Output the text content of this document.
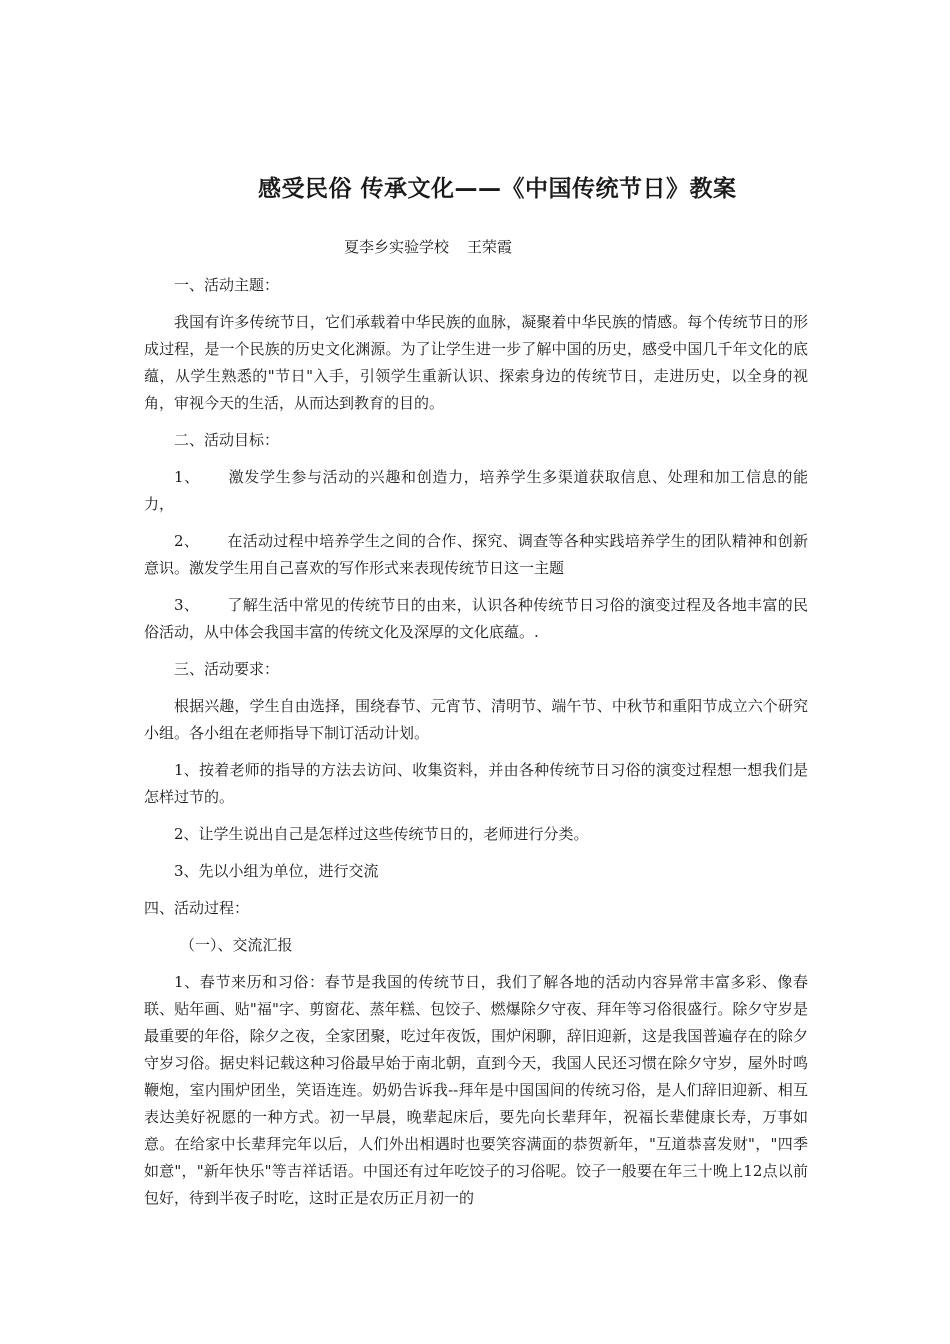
感受民俗 传承文化——《中国传统节日》教案
夏李乡实验学校 王荣霞

一、活动主题：

我国有许多传统节日，它们承载着中华民族的血脉，凝聚着中华民族的情感。每个传统节日的形成过程，是一个民族的历史文化渊源。为了让学生进一步了解中国的历史，感受中国几千年文化的底蕴，从学生熟悉的"节日"入手，引领学生重新认识、探索身边的传统节日，走进历史，以全身的视角，审视今天的生活，从而达到教育的目的。

二、活动目标：

1、 激发学生参与活动的兴趣和创造力，培养学生多渠道获取信息、处理和加工信息的能力，

2、 在活动过程中培养学生之间的合作、探究、调查等各种实践培养学生的团队精神和创新意识。激发学生用自己喜欢的写作形式来表现传统节日这一主题

3、 了解生活中常见的传统节日的由来，认识各种传统节日习俗的演变过程及各地丰富的民俗活动，从中体会我国丰富的传统文化及深厚的文化底蕴。.

三、活动要求：

根据兴趣，学生自由选择，围绕春节、元宵节、清明节、端午节、中秋节和重阳节成立六个研究小组。各小组在老师指导下制订活动计划。

1、按着老师的指导的方法去访问、收集资料，并由各种传统节日习俗的演变过程想一想我们是怎样过节的。

2、让学生说出自己是怎样过这些传统节日的，老师进行分类。

3、先以小组为单位，进行交流

四、活动过程：

（一）、交流汇报

1、春节来历和习俗：春节是我国的传统节日，我们了解各地的活动内容异常丰富多彩、像春联、贴年画、贴"福"字、剪窗花、蒸年糕、包饺子、燃爆除夕守夜、拜年等习俗很盛行。除夕守岁是最重要的年俗，除夕之夜，全家团聚，吃过年夜饭，围炉闲聊，辞旧迎新，这是我国普遍存在的除夕守岁习俗。据史料记载这种习俗最早始于南北朝，直到今天，我国人民还习惯在除夕守岁，屋外时鸣鞭炮，室内围炉团坐，笑语连连。奶奶告诉我--拜年是中国国间的传统习俗，是人们辞旧迎新、相互表达美好祝愿的一种方式。初一早晨，晚辈起床后，要先向长辈拜年，祝福长辈健康长寿，万事如意。在给家中长辈拜完年以后，人们外出相遇时也要笑容满面的恭贺新年，"互道恭喜发财"，"四季如意"，"新年快乐"等吉祥话语。中国还有过年吃饺子的习俗呢。饺子一般要在年三十晚上12点以前包好，待到半夜子时吃，这时正是农历正月初一的
